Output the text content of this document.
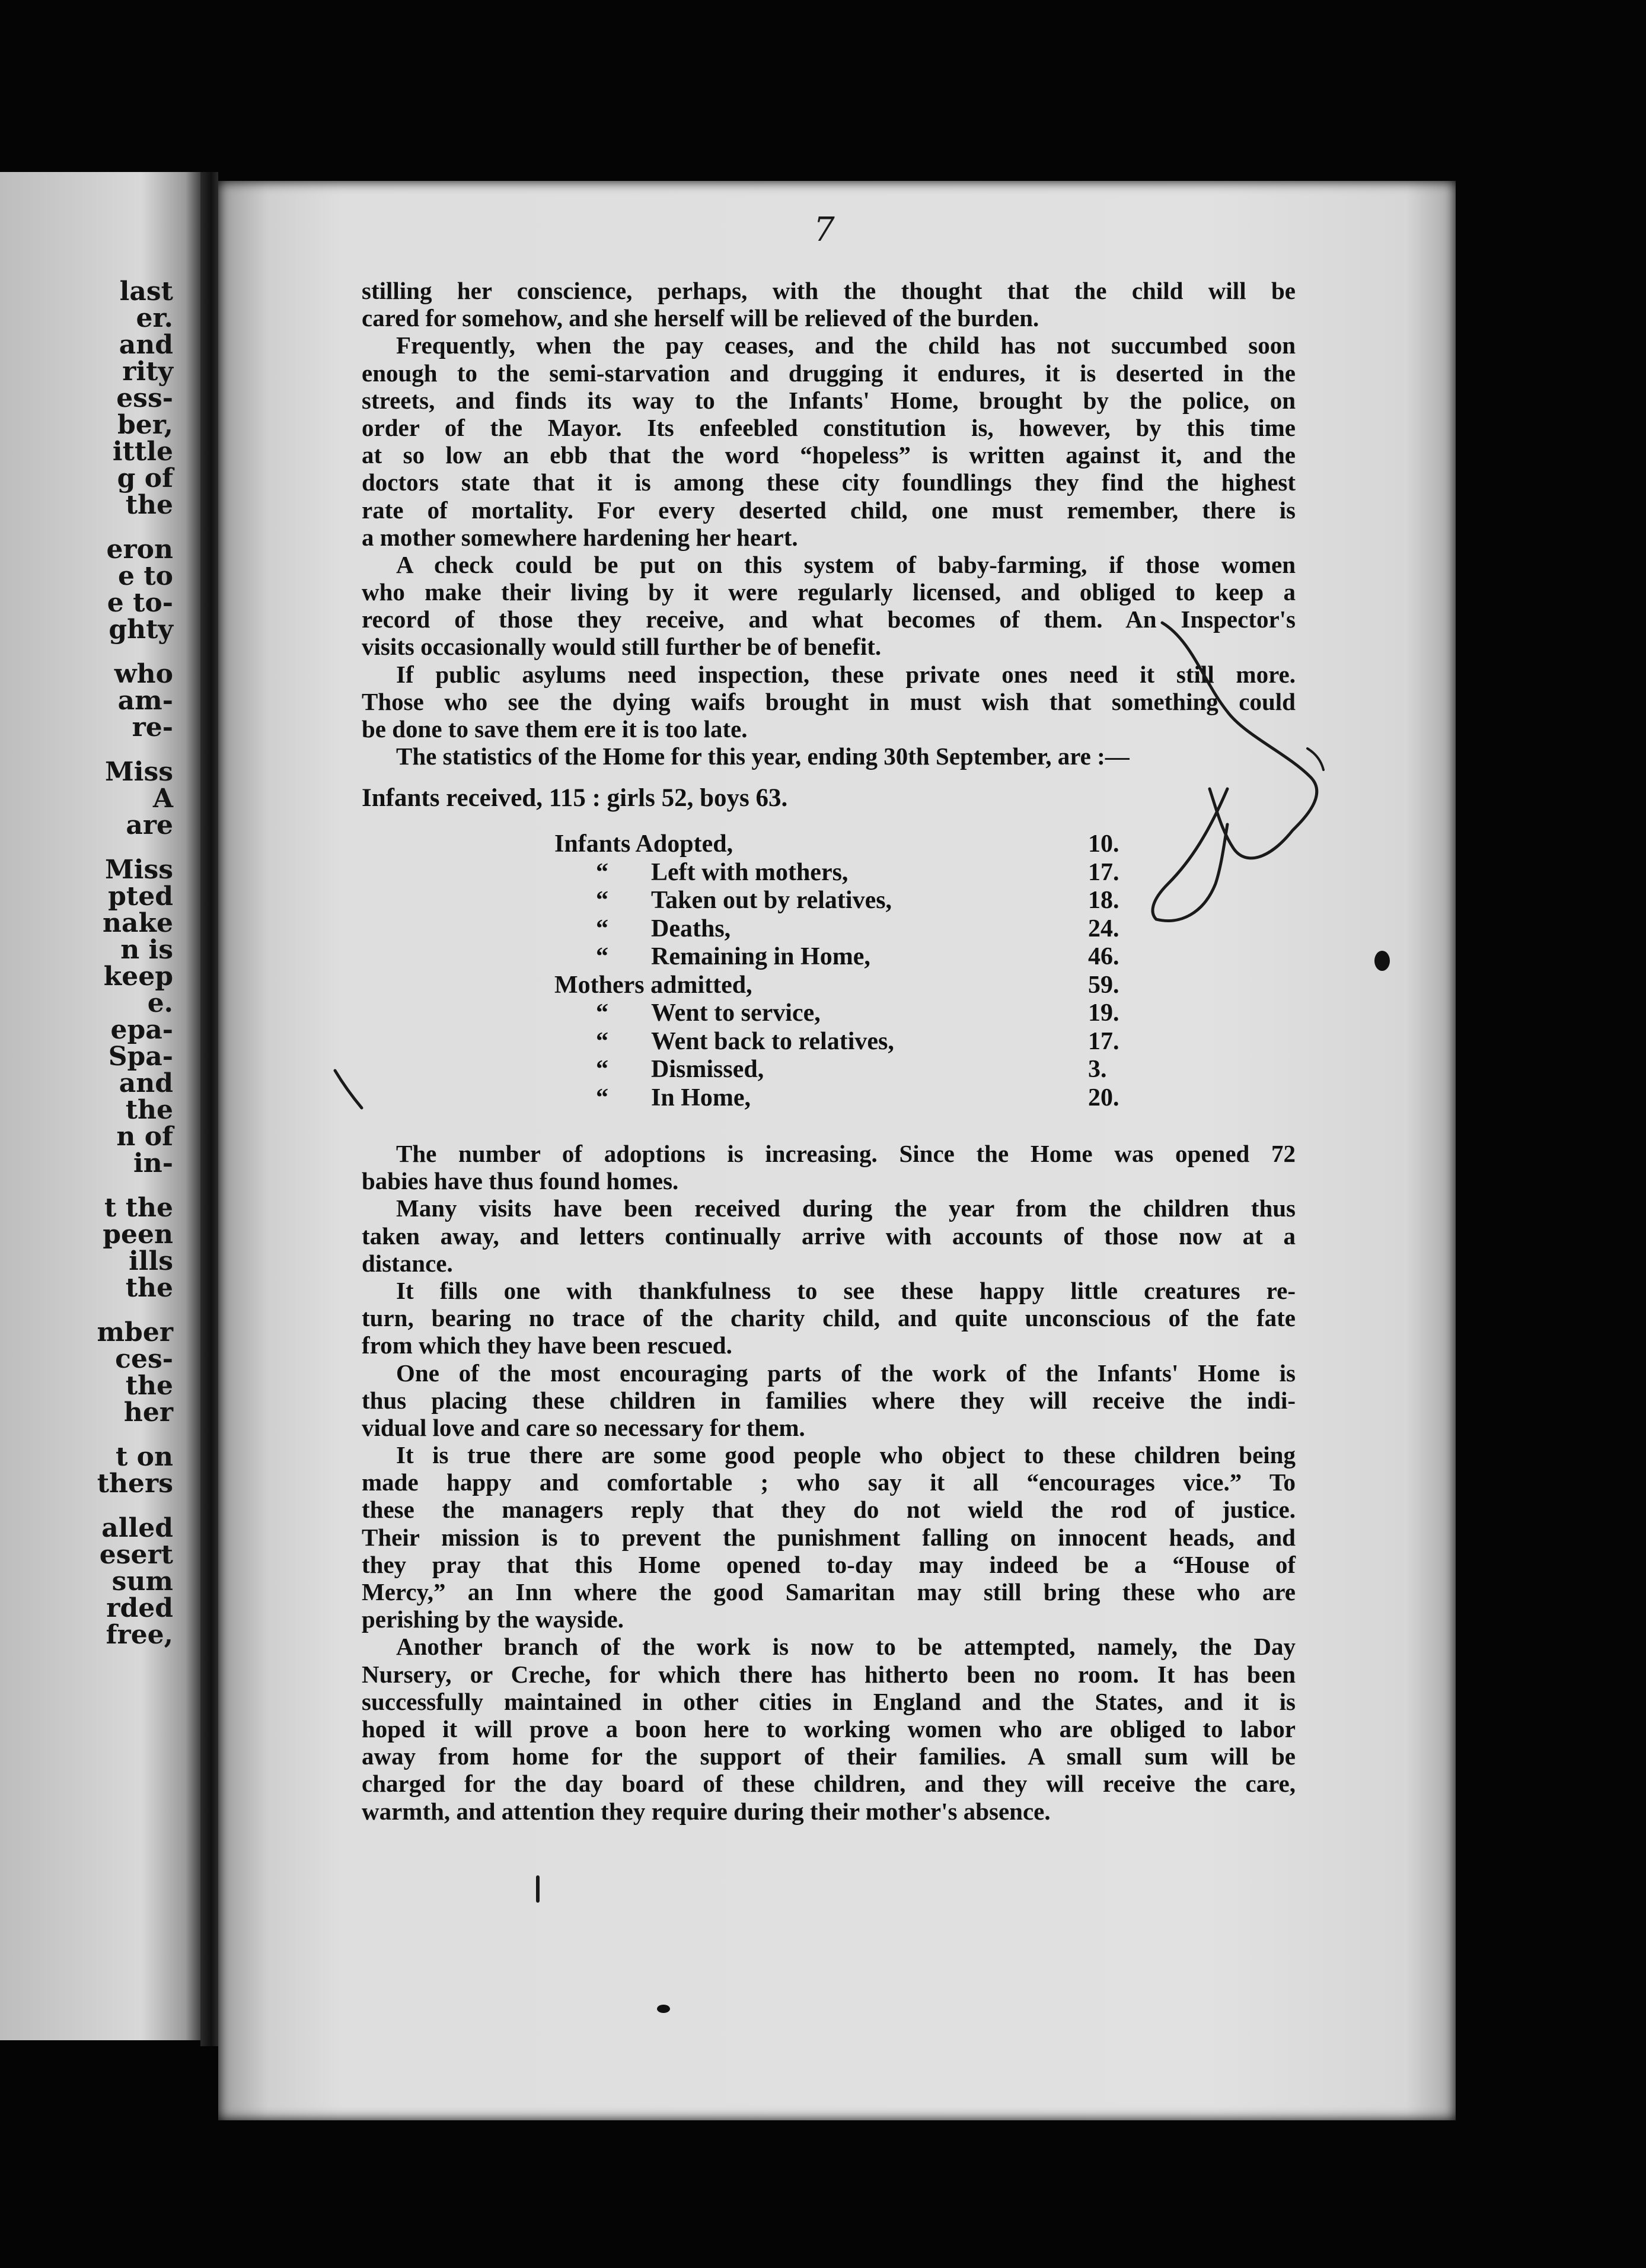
last
er.
and
rity
ess-
ber,
ittle
g of
the
eron
e to
e to-
ghty
who
am-
re-
Miss
A
are
Miss
pted
nake
n is
keep
e.
epa-
Spa-
and
the
n of
in-
t the
peen
ills
the
mber
ces-
the
her
t on
thers
alled
esert
sum
rded
free,
7
stilling her conscience, perhaps, with the thought that the child will be
cared for somehow, and she herself will be relieved of the burden.
Frequently, when the pay ceases, and the child has not succumbed soon
enough to the semi-starvation and drugging it endures, it is deserted in the
streets, and finds its way to the Infants' Home, brought by the police, on
order of the Mayor. Its enfeebled constitution is, however, by this time
at so low an ebb that the word “hopeless” is written against it, and the
doctors state that it is among these city foundlings they find the highest
rate of mortality. For every deserted child, one must remember, there is
a mother somewhere hardening her heart.
A check could be put on this system of baby-farming, if those women
who make their living by it were regularly licensed, and obliged to keep a
record of those they receive, and what becomes of them. An Inspector's
visits occasionally would still further be of benefit.
If public asylums need inspection, these private ones need it still more.
Those who see the dying waifs brought in must wish that something could
be done to save them ere it is too late.
The statistics of the Home for this year, ending 30th September, are :—
Infants received, 115 : girls 52, boys 63.
Infants Adopted,	10.
“ Left with mothers,	17.
“ Taken out by relatives,	18.
“ Deaths,	24.
“ Remaining in Home,	46.
Mothers admitted,	59.
“ Went to service,	19.
“ Went back to relatives,	17.
“ Dismissed,	3.
“ In Home,	20.
The number of adoptions is increasing. Since the Home was opened 72
babies have thus found homes.
Many visits have been received during the year from the children thus
taken away, and letters continually arrive with accounts of those now at a
distance.
It fills one with thankfulness to see these happy little creatures re-
turn, bearing no trace of the charity child, and quite unconscious of the fate
from which they have been rescued.
One of the most encouraging parts of the work of the Infants' Home is
thus placing these children in families where they will receive the indi-
vidual love and care so necessary for them.
It is true there are some good people who object to these children being
made happy and comfortable ; who say it all “encourages vice.” To
these the managers reply that they do not wield the rod of justice.
Their mission is to prevent the punishment falling on innocent heads, and
they pray that this Home opened to-day may indeed be a “House of
Mercy,” an Inn where the good Samaritan may still bring these who are
perishing by the wayside.
Another branch of the work is now to be attempted, namely, the Day
Nursery, or Creche, for which there has hitherto been no room. It has been
successfully maintained in other cities in England and the States, and it is
hoped it will prove a boon here to working women who are obliged to labor
away from home for the support of their families. A small sum will be
charged for the day board of these children, and they will receive the care,
warmth, and attention they require during their mother's absence.
